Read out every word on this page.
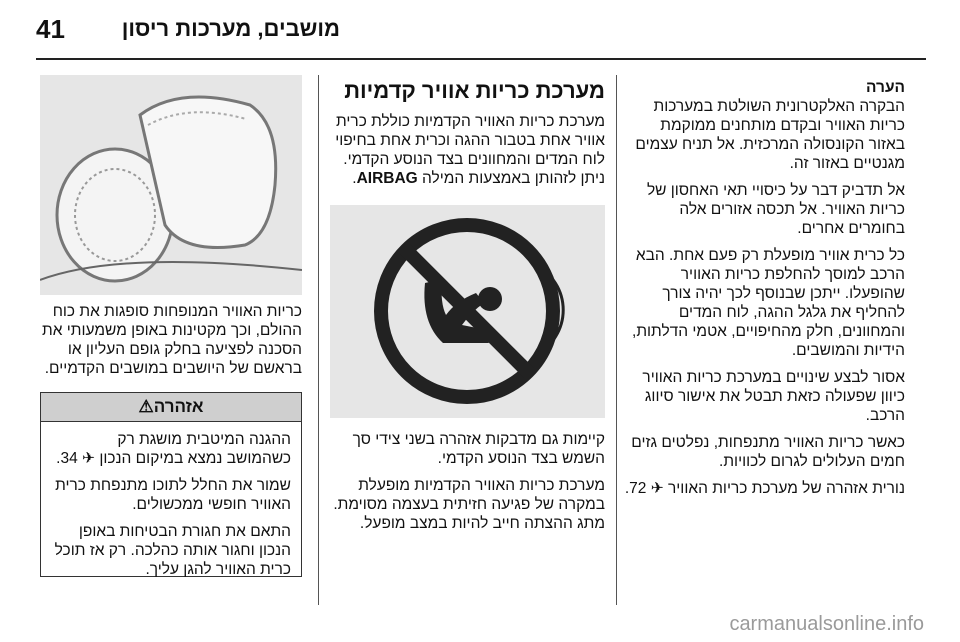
41	מושבים, מערכות ריסון
הערה

הבקרה האלקטרונית השולטת במערכות כריות האוויר ובקדם מותחנים ממוקמת באזור הקונסולה המרכזית. אל תניח עצמים מגנטיים באזור זה.

אל תדביק דבר על כיסויי תאי האחסון של כריות האוויר. אל תכסה אזורים אלה בחומרים אחרים.

כל כרית אוויר מופעלת רק פעם אחת. הבא הרכב למוסך להחלפת כריות האוויר שהופעלו. ייתכן שבנוסף לכך יהיה צורך להחליף את גלגל ההגה, לוח המדים והמחוונים, חלק מהחיפויים, אטמי הדלתות, הידיות והמושבים.

אסור לבצע שינויים במערכת כריות האוויר כיוון שפעולה כזאת תבטל את אישור סיווג הרכב.

כאשר כריות האוויר מתנפחות, נפלטים גזים חמים העלולים לגרום לכוויות.

נורית אזהרה של מערכת כריות האוויר ✈ 72.

מערכת כריות אוויר קדמיות

מערכת כריות האוויר הקדמיות כוללת כרית אוויר אחת בטבור ההגה וכרית אחת בחיפוי לוח המדים והמחוונים בצד הנוסע הקדמי. ניתן לזהותן באמצעות המילה AIRBAG.

קיימות גם מדבקות אזהרה בשני צידי סך השמש בצד הנוסע הקדמי.

מערכת כריות האוויר הקדמיות מופעלת במקרה של פגיעה חזיתית בעצמה מסוימת. מתג ההצתה חייב להיות במצב מופעל.

כריות האוויר המנופחות סופגות את כוח ההולם, וכך מקטינות באופן משמעותי את הסכנה לפציעה בחלק גופם העליון או בראשם של היושבים במושבים הקדמיים.

אזהרה⚠

ההגנה המיטבית מושגת רק כשהמושב נמצא במיקום הנכון ✈ 34.

שמור את החלל לתוכו מתנפחת כרית האוויר חופשי ממכשולים.

התאם את חגורת הבטיחות באופן הנכון וחגור אותה כהלכה. רק אז תוכל כרית האוויר להגן עליך.

carmanualsonline.info
